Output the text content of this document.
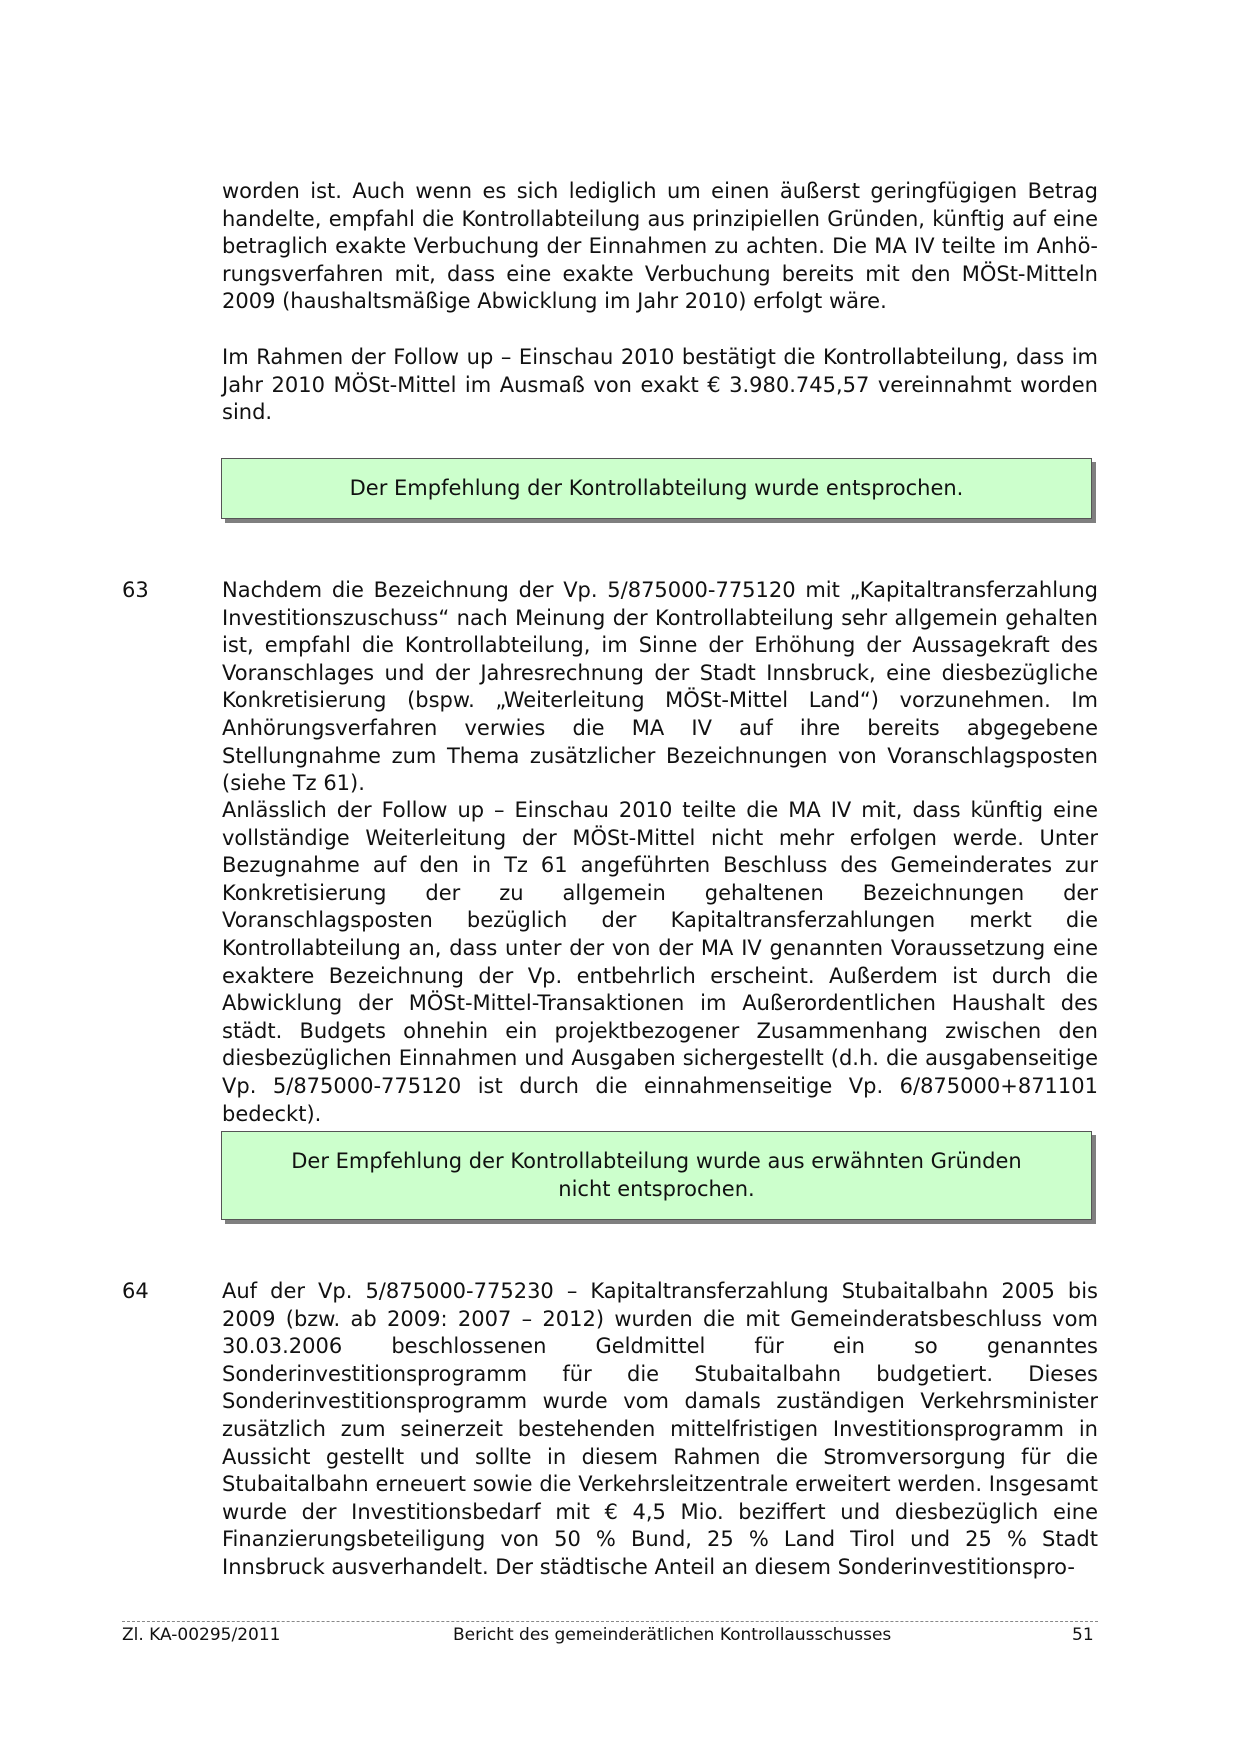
worden ist. Auch wenn es sich lediglich um einen äußerst geringfügigen Betrag handelte, empfahl die Kontrollabteilung aus prinzipiellen Gründen, künftig auf eine betraglich exakte Verbuchung der Einnahmen zu achten. Die MA IV teilte im Anhörungsverfahren mit, dass eine exakte Verbuchung bereits mit den MÖSt-Mitteln 2009 (haushaltsmäßige Abwicklung im Jahr 2010) erfolgt wäre.

Im Rahmen der Follow up – Einschau 2010 bestätigt die Kontrollabteilung, dass im Jahr 2010 MÖSt-Mittel im Ausmaß von exakt € 3.980.745,57 vereinnahmt worden sind.

Der Empfehlung der Kontrollabteilung wurde entsprochen.
63	Nachdem die Bezeichnung der Vp. 5/875000-775120 mit „Kapitaltransferzahlung Investitionszuschuss“ nach Meinung der Kontrollabteilung sehr allgemein gehalten ist, empfahl die Kontrollabteilung, im Sinne der Erhöhung der Aussagekraft des Voranschlages und der Jahresrechnung der Stadt Innsbruck, eine diesbezügliche Konkretisierung (bspw. „Weiterleitung MÖSt-Mittel Land“) vorzunehmen. Im Anhörungsverfahren verwies die MA IV auf ihre bereits abgegebene Stellungnahme zum Thema zusätzlicher Bezeichnungen von Voranschlagsposten (siehe Tz 61).

Anlässlich der Follow up – Einschau 2010 teilte die MA IV mit, dass künftig eine vollständige Weiterleitung der MÖSt-Mittel nicht mehr erfolgen werde. Unter Bezugnahme auf den in Tz 61 angeführten Beschluss des Gemeinderates zur Konkretisierung der zu allgemein gehaltenen Bezeichnungen der Voranschlagsposten bezüglich der Kapitaltransferzahlungen merkt die Kontrollabteilung an, dass unter der von der MA IV genannten Voraussetzung eine exaktere Bezeichnung der Vp. entbehrlich erscheint. Außerdem ist durch die Abwicklung der MÖSt-Mittel-Transaktionen im Außerordentlichen Haushalt des städt. Budgets ohnehin ein projektbezogener Zusammenhang zwischen den diesbezüglichen Einnahmen und Ausgaben sichergestellt (d.h. die ausgabenseitige Vp. 5/875000-775120 ist durch die einnahmenseitige Vp. 6/875000+871101 bedeckt).

Der Empfehlung der Kontrollabteilung wurde aus erwähnten Gründen
nicht entsprochen.
64	Auf der Vp. 5/875000-775230 – Kapitaltransferzahlung Stubaitalbahn 2005 bis 2009 (bzw. ab 2009: 2007 – 2012) wurden die mit Gemeinderatsbeschluss vom 30.03.2006 beschlossenen Geldmittel für ein so genanntes Sonderinvestitionsprogramm für die Stubaitalbahn budgetiert. Dieses Sonderinvestitionsprogramm wurde vom damals zuständigen Verkehrsminister zusätzlich zum seinerzeit bestehenden mittelfristigen Investitionsprogramm in Aussicht gestellt und sollte in diesem Rahmen die Stromversorgung für die Stubaitalbahn erneuert sowie die Verkehrsleitzentrale erweitert werden. Insgesamt wurde der Investitionsbedarf mit € 4,5 Mio. beziffert und diesbezüglich eine Finanzierungsbeteiligung von 50 % Bund, 25 % Land Tirol und 25 % Stadt Innsbruck ausverhandelt. Der städtische Anteil an diesem Sonderinvestitionspro-

Zl. KA-00295/2011	Bericht des gemeinderätlichen Kontrollausschusses	51
